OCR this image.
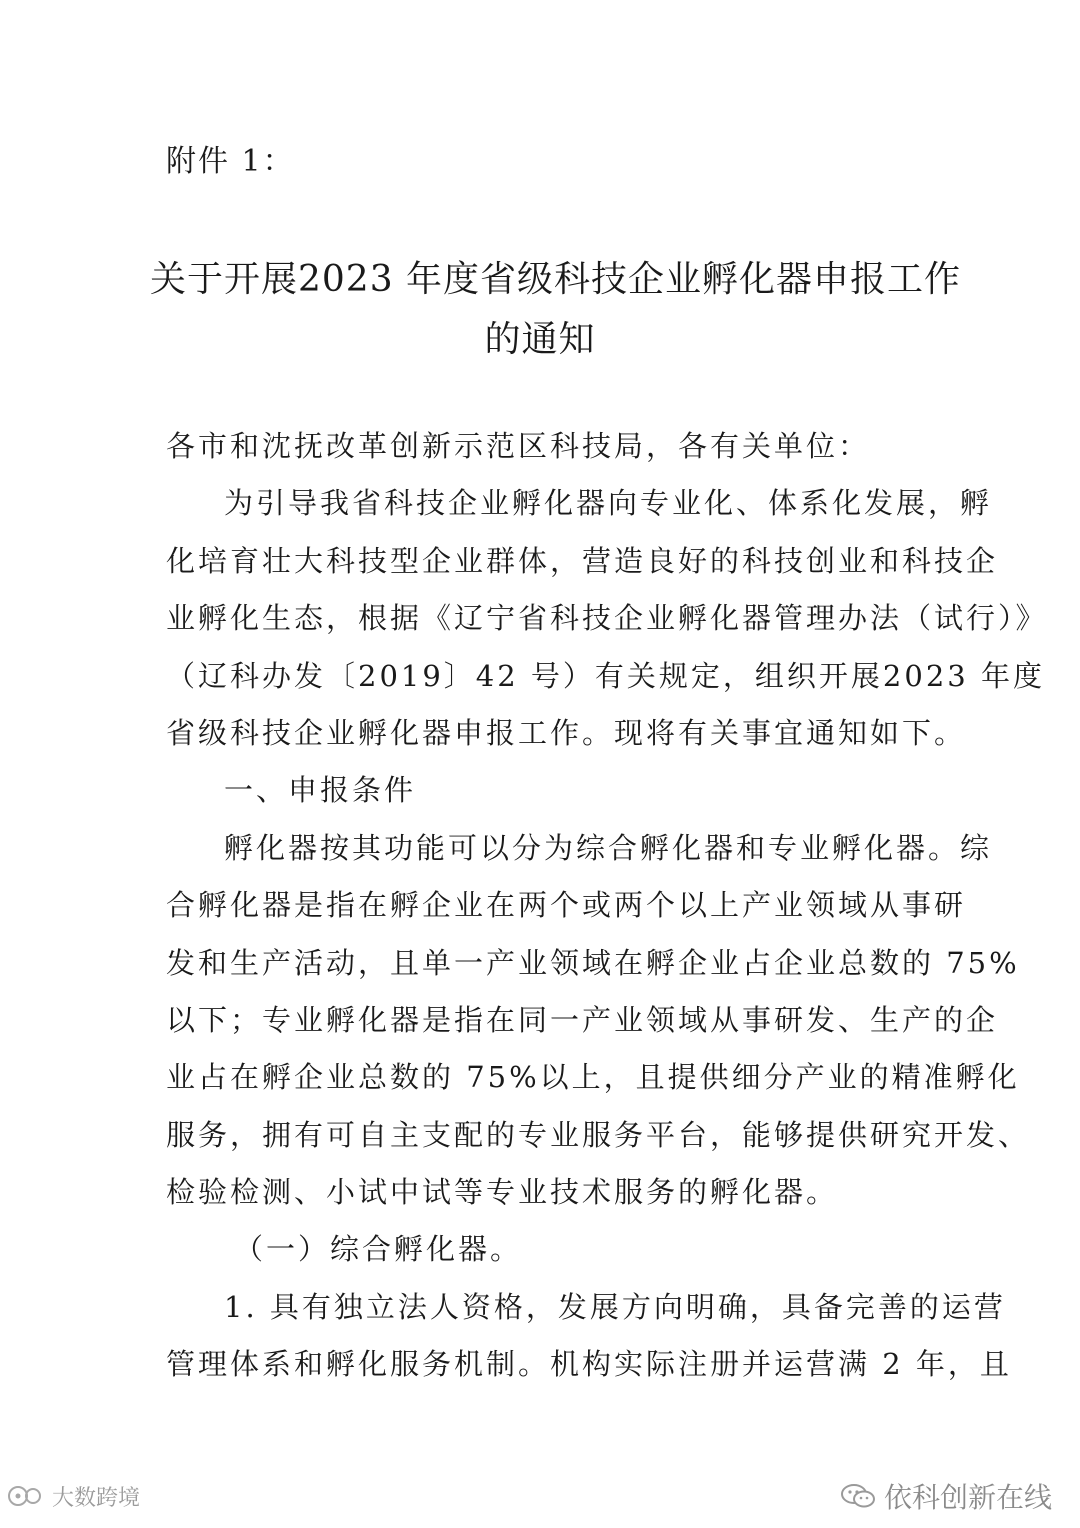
附件 1：
关于开展2023 年度省级科技企业孵化器申报工作
的通知
各市和沈抚改革创新示范区科技局，各有关单位：
为引导我省科技企业孵化器向专业化、体系化发展，孵
化培育壮大科技型企业群体，营造良好的科技创业和科技企
业孵化生态，根据《辽宁省科技企业孵化器管理办法（试行）》
（辽科办发〔2019〕42 号）有关规定，组织开展2023 年度
省级科技企业孵化器申报工作。现将有关事宜通知如下。
一、申报条件
孵化器按其功能可以分为综合孵化器和专业孵化器。综
合孵化器是指在孵企业在两个或两个以上产业领域从事研
发和生产活动，且单一产业领域在孵企业占企业总数的 75%
以下；专业孵化器是指在同一产业领域从事研发、生产的企
业占在孵企业总数的 75%以上，且提供细分产业的精准孵化
服务，拥有可自主支配的专业服务平台，能够提供研究开发、
检验检测、小试中试等专业技术服务的孵化器。
（一）综合孵化器。
1. 具有独立法人资格，发展方向明确，具备完善的运营
管理体系和孵化服务机制。机构实际注册并运营满 2 年，且
大数跨境	依科创新在线
